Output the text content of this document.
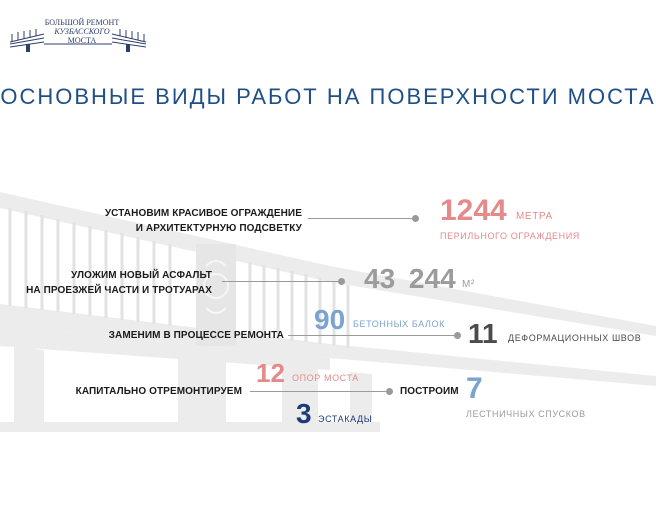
БОЛЬШОЙ РЕМОНТ
КУЗБАССКОГО
МОСТА
ОСНОВНЫЕ ВИДЫ РАБОТ НА ПОВЕРХНОСТИ МОСТА
УСТАНОВИМ КРАСИВОЕ ОГРАЖДЕНИЕ
И АРХИТЕКТУРНУЮ ПОДСВЕТКУ
1244 МЕТРА
ПЕРИЛЬНОГО ОГРАЖДЕНИЯ
УЛОЖИМ НОВЫЙ АСФАЛЬТ
НА ПРОЕЗЖЕЙ ЧАСТИ И ТРОТУАРАХ	43 244 М²
ЗАМЕНИМ В ПРОЦЕССЕ РЕМОНТА
90 БЕТОННЫХ БАЛОК 11 ДЕФОРМАЦИОННЫХ ШВОВ
КАПИТАЛЬНО ОТРЕМОНТИРУЕМ
12 ОПОР МОСТА
3 ЭСТАКАДЫ
ПОСТРОИМ 7
ЛЕСТНИЧНЫХ СПУСКОВ
